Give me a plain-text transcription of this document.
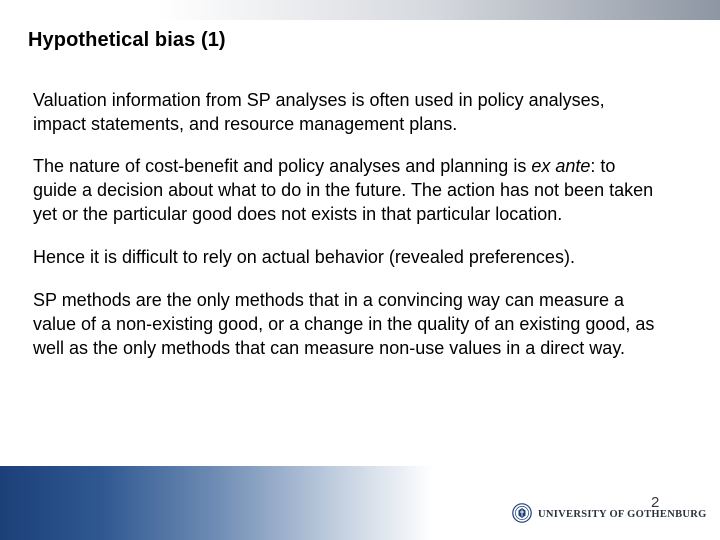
Hypothetical bias (1)

Valuation information from SP analyses is often used in policy analyses, impact statements, and resource management plans.

The nature of cost-benefit and policy analyses and planning is ex ante: to guide a decision about what to do in the future. The action has not been taken yet or the particular good does not exists in that particular location.

Hence it is difficult to rely on actual behavior (revealed preferences).

SP methods are the only methods that in a convincing way can measure a value of a non-existing good, or a change in the quality of an existing good, as well as the only methods that can measure non-use values in a direct way.

UNIVERSITY OF GOTHENBURG
2
